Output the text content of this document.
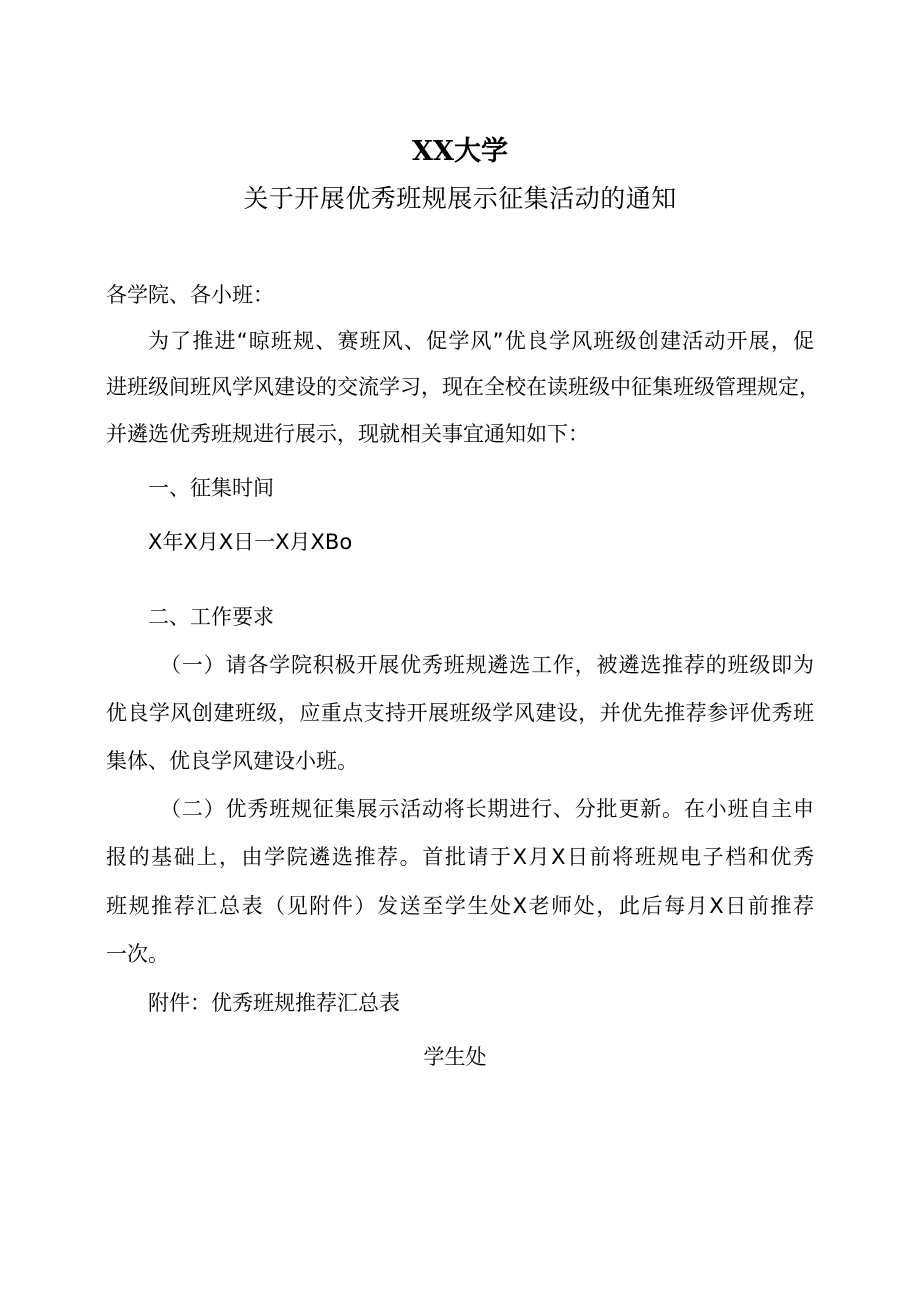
XX大学
关于开展优秀班规展示征集活动的通知

各学院、各小班：

为了推进“晾班规、赛班风、促学风”优良学风班级创建活动开展，促

进班级间班风学风建设的交流学习，现在全校在读班级中征集班级管理规定，

并遴选优秀班规进行展示，现就相关事宜通知如下：

一、征集时间

X年X月X日一X月XBo

二、工作要求

（一）请各学院积极开展优秀班规遴选工作，被遴选推荐的班级即为

优良学风创建班级，应重点支持开展班级学风建设，并优先推荐参评优秀班

集体、优良学风建设小班。

（二）优秀班规征集展示活动将长期进行、分批更新。在小班自主申

报的基础上，由学院遴选推荐。首批请于X月X日前将班规电子档和优秀

班规推荐汇总表（见附件）发送至学生处X老师处，此后每月X日前推荐

一次。

附件：优秀班规推荐汇总表

学生处
